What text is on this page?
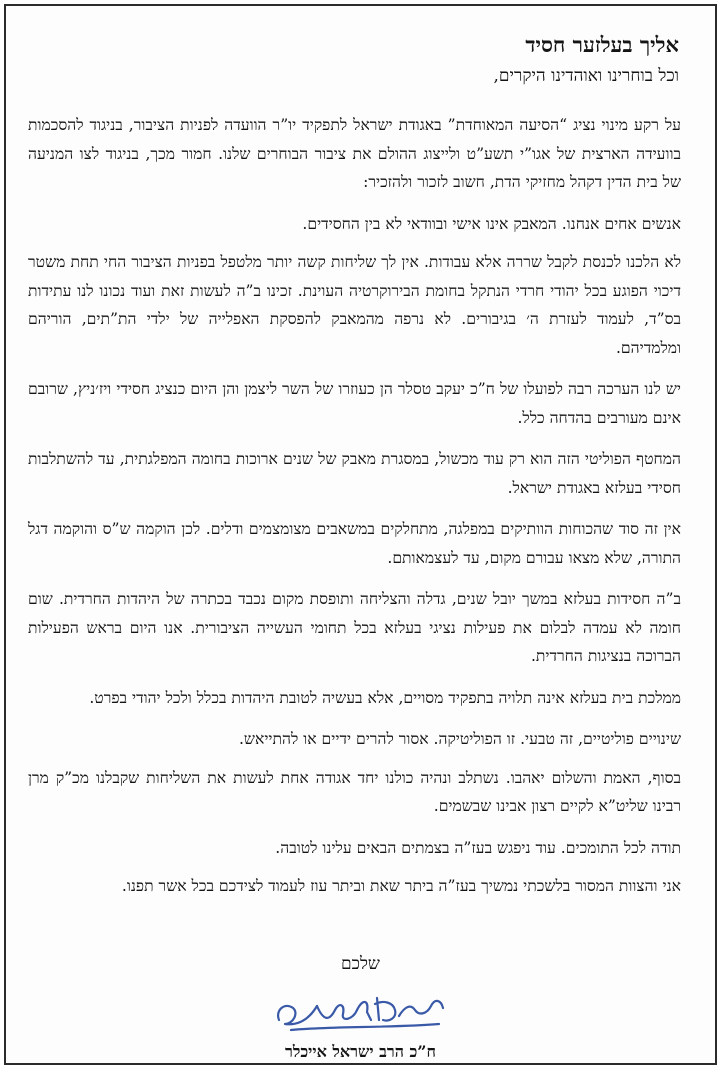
אליך בעלזער חסיד

וכל בוחרינו ואוהדינו היקרים,

על רקע מינוי נציג “הסיעה המאוחדת” באגודת ישראל לתפקיד יו”ר הוועדה לפניות הציבור, בניגוד להסכמות בוועידה הארצית של אגו”י תשע”ט ולייצוג ההולם את ציבור הבוחרים שלנו. חמור מכך, בניגוד לצו המניעה של בית הדין דקהל מחזיקי הדת, חשוב לזכור ולהזכיר:

אנשים אחים אנחנו. המאבק אינו אישי ובוודאי לא בין החסידים.

לא הלכנו לכנסת לקבל שררה אלא עבודות. אין לך שליחות קשה יותר מלטפל בפניות הציבור החי תחת משטר דיכוי הפוגע בכל יהודי חרדי הנתקל בחומת הבירוקרטיה העוינת. זכינו ב”ה לעשות זאת ועוד נכונו לנו עתידות בס”ד, לעמוד לעזרת ה׳ בגיבורים. לא נרפה מהמאבק להפסקת האפלייה של ילדי הת”תים, הוריהם ומלמדיהם.

יש לנו הערכה רבה לפועלו של ח”כ יעקב טסלר הן כעוזרו של השר ליצמן והן היום כנציג חסידי ויז׳ניץ, שרובם אינם מעורבים בהדחה כלל.

המחטף הפוליטי הזה הוא רק עוד מכשול, במסגרת מאבק של שנים ארוכות בחומה המפלגתית, עד להשתלבות חסידי בעלזא באגודת ישראל.

אין זה סוד שהכוחות הוותיקים במפלגה, מתחלקים במשאבים מצומצמים ודלים. לכן הוקמה ש”ס והוקמה דגל התורה, שלא מצאו עבורם מקום, עד לעצמאותם.

ב”ה חסידות בעלזא במשך יובל שנים, גדלה והצליחה ותופסת מקום נכבד בכתרה של היהדות החרדית. שום חומה לא עמדה לבלום את פעילות נציגי בעלזא בכל תחומי העשייה הציבורית. אנו היום בראש הפעילות הברוכה בנציגות החרדית.

ממלכת בית בעלזא אינה תלויה בתפקיד מסויים, אלא בעשיה לטובת היהדות בכלל ולכל יהודי בפרט.

שינויים פוליטיים, זה טבעי. זו הפוליטיקה. אסור להרים ידיים או להתייאש.

בסוף, האמת והשלום יאהבו. נשתלב ונהיה כולנו יחד אגודה אחת לעשות את השליחות שקבלנו מכ”ק מרן רבינו שליט”א לקיים רצון אבינו שבשמים.

תודה לכל התומכים. עוד ניפגש בעז”ה בצמתים הבאים עלינו לטובה.

אני והצוות המסור בלשכתי נמשיך בעז”ה ביתר שאת וביתר עוז לעמוד לצידכם בכל אשר תפנו.

שלכם

ח”כ הרב ישראל אייכלר
